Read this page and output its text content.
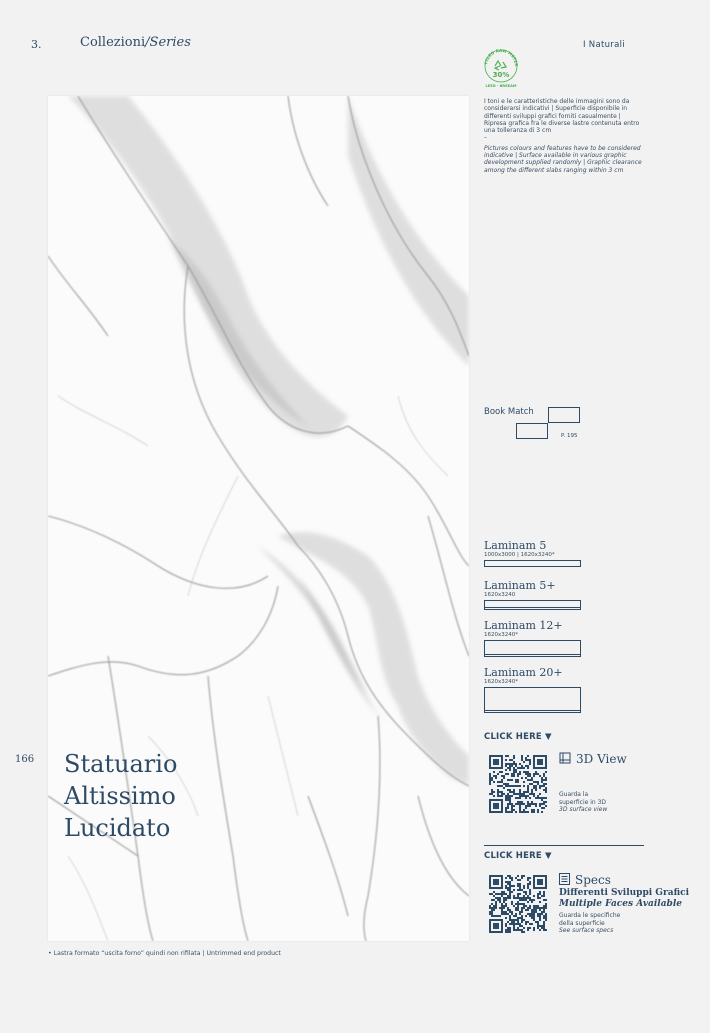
3.	Collezioni/Series	I Naturali
YCLED RAW MATER
30%
LEED - BREEAM
I toni e le caratteristiche delle immagini sono da considerarsi indicativi | Superficie disponibile in differenti sviluppi grafici forniti casualmente | Ripresa grafica fra le diverse lastre contenuta entro una tolleranza di 3 cm
–
Pictures colours and features have to be considered indicative | Surface available in various graphic development supplied randomly | Graphic clearance among the different slabs ranging within 3 cm
166 Statuario
Altissimo
Lucidato
• Lastra formato “uscita forno” quindi non rifilata | Untrimmed end product
Book Match
P. 195
Laminam 5
1000x3000 | 1620x3240*
Laminam 5+
1620x3240
Laminam 12+
1620x3240*
Laminam 20+
1620x3240*
CLICK HERE ▼
3D View
Guarda la
superficie in 3D
3D surface view
CLICK HERE ▼
Specs
Differenti Sviluppi Grafici
Multiple Faces Available
Guarda le specifiche
della superficie
See surface specs
